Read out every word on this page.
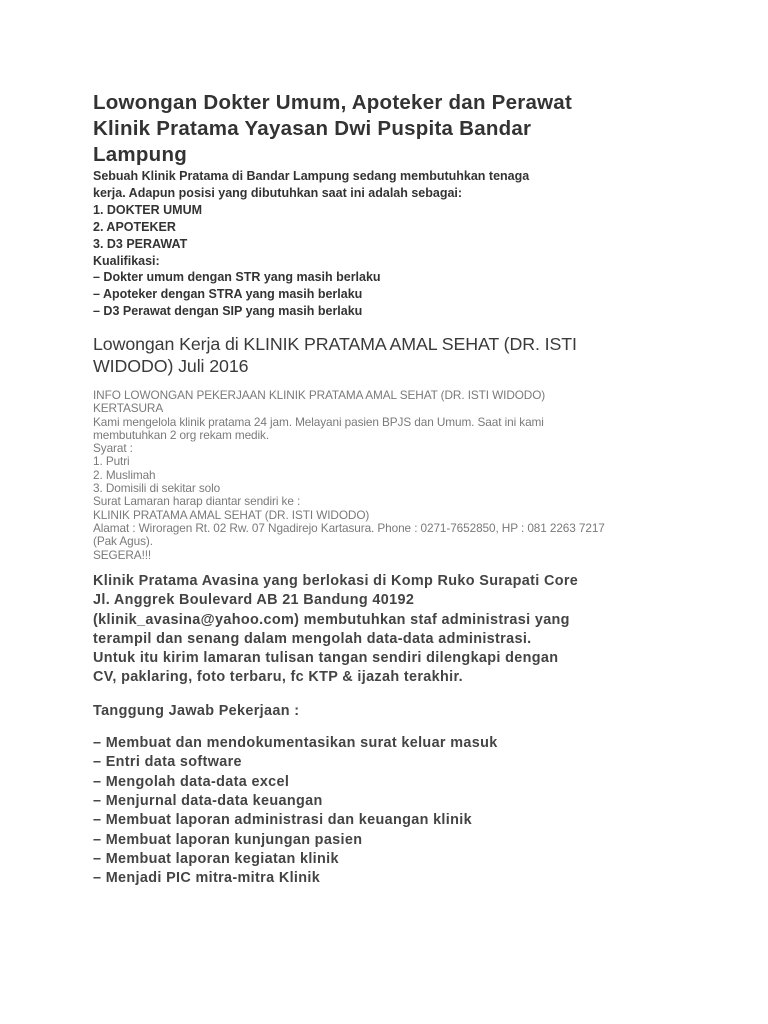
Lowongan Dokter Umum, Apoteker dan Perawat
Klinik Pratama Yayasan Dwi Puspita Bandar
Lampung
Sebuah Klinik Pratama di Bandar Lampung sedang membutuhkan tenaga
kerja. Adapun posisi yang dibutuhkan saat ini adalah sebagai:
1. DOKTER UMUM
2. APOTEKER
3. D3 PERAWAT
Kualifikasi:
– Dokter umum dengan STR yang masih berlaku
– Apoteker dengan STRA yang masih berlaku
– D3 Perawat dengan SIP yang masih berlaku
Lowongan Kerja di KLINIK PRATAMA AMAL SEHAT (DR. ISTI
WIDODO) Juli 2016
INFO LOWONGAN PEKERJAAN KLINIK PRATAMA AMAL SEHAT (DR. ISTI WIDODO)
KERTASURA
Kami mengelola klinik pratama 24 jam. Melayani pasien BPJS dan Umum. Saat ini kami
membutuhkan 2 org rekam medik.
Syarat :
1. Putri
2. Muslimah
3. Domisili di sekitar solo
Surat Lamaran harap diantar sendiri ke :
KLINIK PRATAMA AMAL SEHAT (DR. ISTI WIDODO)
Alamat : Wiroragen Rt. 02 Rw. 07 Ngadirejo Kartasura. Phone : 0271-7652850, HP : 081 2263 7217
(Pak Agus).
SEGERA!!!
Klinik Pratama Avasina yang berlokasi di Komp Ruko Surapati Core
Jl. Anggrek Boulevard AB 21 Bandung 40192
(klinik_avasina@yahoo.com) membutuhkan staf administrasi yang
terampil dan senang dalam mengolah data-data administrasi.
Untuk itu kirim lamaran tulisan tangan sendiri dilengkapi dengan
CV, paklaring, foto terbaru, fc KTP & ijazah terakhir.
Tanggung Jawab Pekerjaan :
– Membuat dan mendokumentasikan surat keluar masuk
– Entri data software
– Mengolah data-data excel
– Menjurnal data-data keuangan
– Membuat laporan administrasi dan keuangan klinik
– Membuat laporan kunjungan pasien
– Membuat laporan kegiatan klinik
– Menjadi PIC mitra-mitra Klinik
